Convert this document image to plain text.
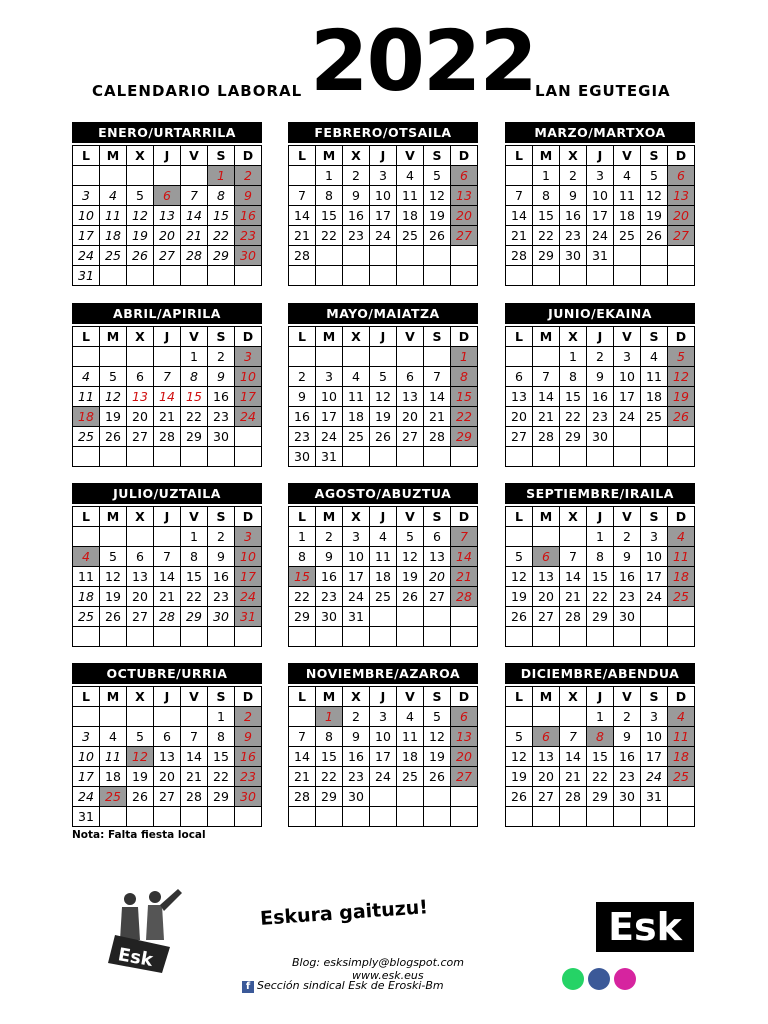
CALENDARIO LABORAL 2022 LAN EGUTEGIA
ENERO/URTARRILA
L	M	X	J	V	S	D
					1	2
3	4	5	6	7	8	9
10	11	12	13	14	15	16
17	18	19	20	21	22	23
24	25	26	27	28	29	30
31						
FEBRERO/OTSAILA
L	M	X	J	V	S	D
	1	2	3	4	5	6
7	8	9	10	11	12	13
14	15	16	17	18	19	20
21	22	23	24	25	26	27
28						

MARZO/MARTXOA
L	M	X	J	V	S	D
	1	2	3	4	5	6
7	8	9	10	11	12	13
14	15	16	17	18	19	20
21	22	23	24	25	26	27
28	29	30	31			

ABRIL/APIRILA
L	M	X	J	V	S	D
				1	2	3
4	5	6	7	8	9	10
11	12	13	14	15	16	17
18	19	20	21	22	23	24
25	26	27	28	29	30	

MAYO/MAIATZA
L	M	X	J	V	S	D
						1
2	3	4	5	6	7	8
9	10	11	12	13	14	15
16	17	18	19	20	21	22
23	24	25	26	27	28	29
30	31					
JUNIO/EKAINA
L	M	X	J	V	S	D
		1	2	3	4	5
6	7	8	9	10	11	12
13	14	15	16	17	18	19
20	21	22	23	24	25	26
27	28	29	30			

JULIO/UZTAILA
L	M	X	J	V	S	D
				1	2	3
4	5	6	7	8	9	10
11	12	13	14	15	16	17
18	19	20	21	22	23	24
25	26	27	28	29	30	31

AGOSTO/ABUZTUA
L	M	X	J	V	S	D
1	2	3	4	5	6	7
8	9	10	11	12	13	14
15	16	17	18	19	20	21
22	23	24	25	26	27	28
29	30	31				

SEPTIEMBRE/IRAILA
L	M	X	J	V	S	D
			1	2	3	4
5	6	7	8	9	10	11
12	13	14	15	16	17	18
19	20	21	22	23	24	25
26	27	28	29	30		

OCTUBRE/URRIA
L	M	X	J	V	S	D
					1	2
3	4	5	6	7	8	9
10	11	12	13	14	15	16
17	18	19	20	21	22	23
24	25	26	27	28	29	30
31						
NOVIEMBRE/AZAROA
L	M	X	J	V	S	D
	1	2	3	4	5	6
7	8	9	10	11	12	13
14	15	16	17	18	19	20
21	22	23	24	25	26	27
28	29	30				

DICIEMBRE/ABENDUA
L	M	X	J	V	S	D
			1	2	3	4
5	6	7	8	9	10	11
12	13	14	15	16	17	18
19	20	21	22	23	24	25
26	27	28	29	30	31	

Nota: Falta fiesta local
Esk
Eskura gaituzu!	Esk
Blog: esksimply@blogspot.com
www.esk.eus
f Sección sindical Esk de Eroski-Bm
